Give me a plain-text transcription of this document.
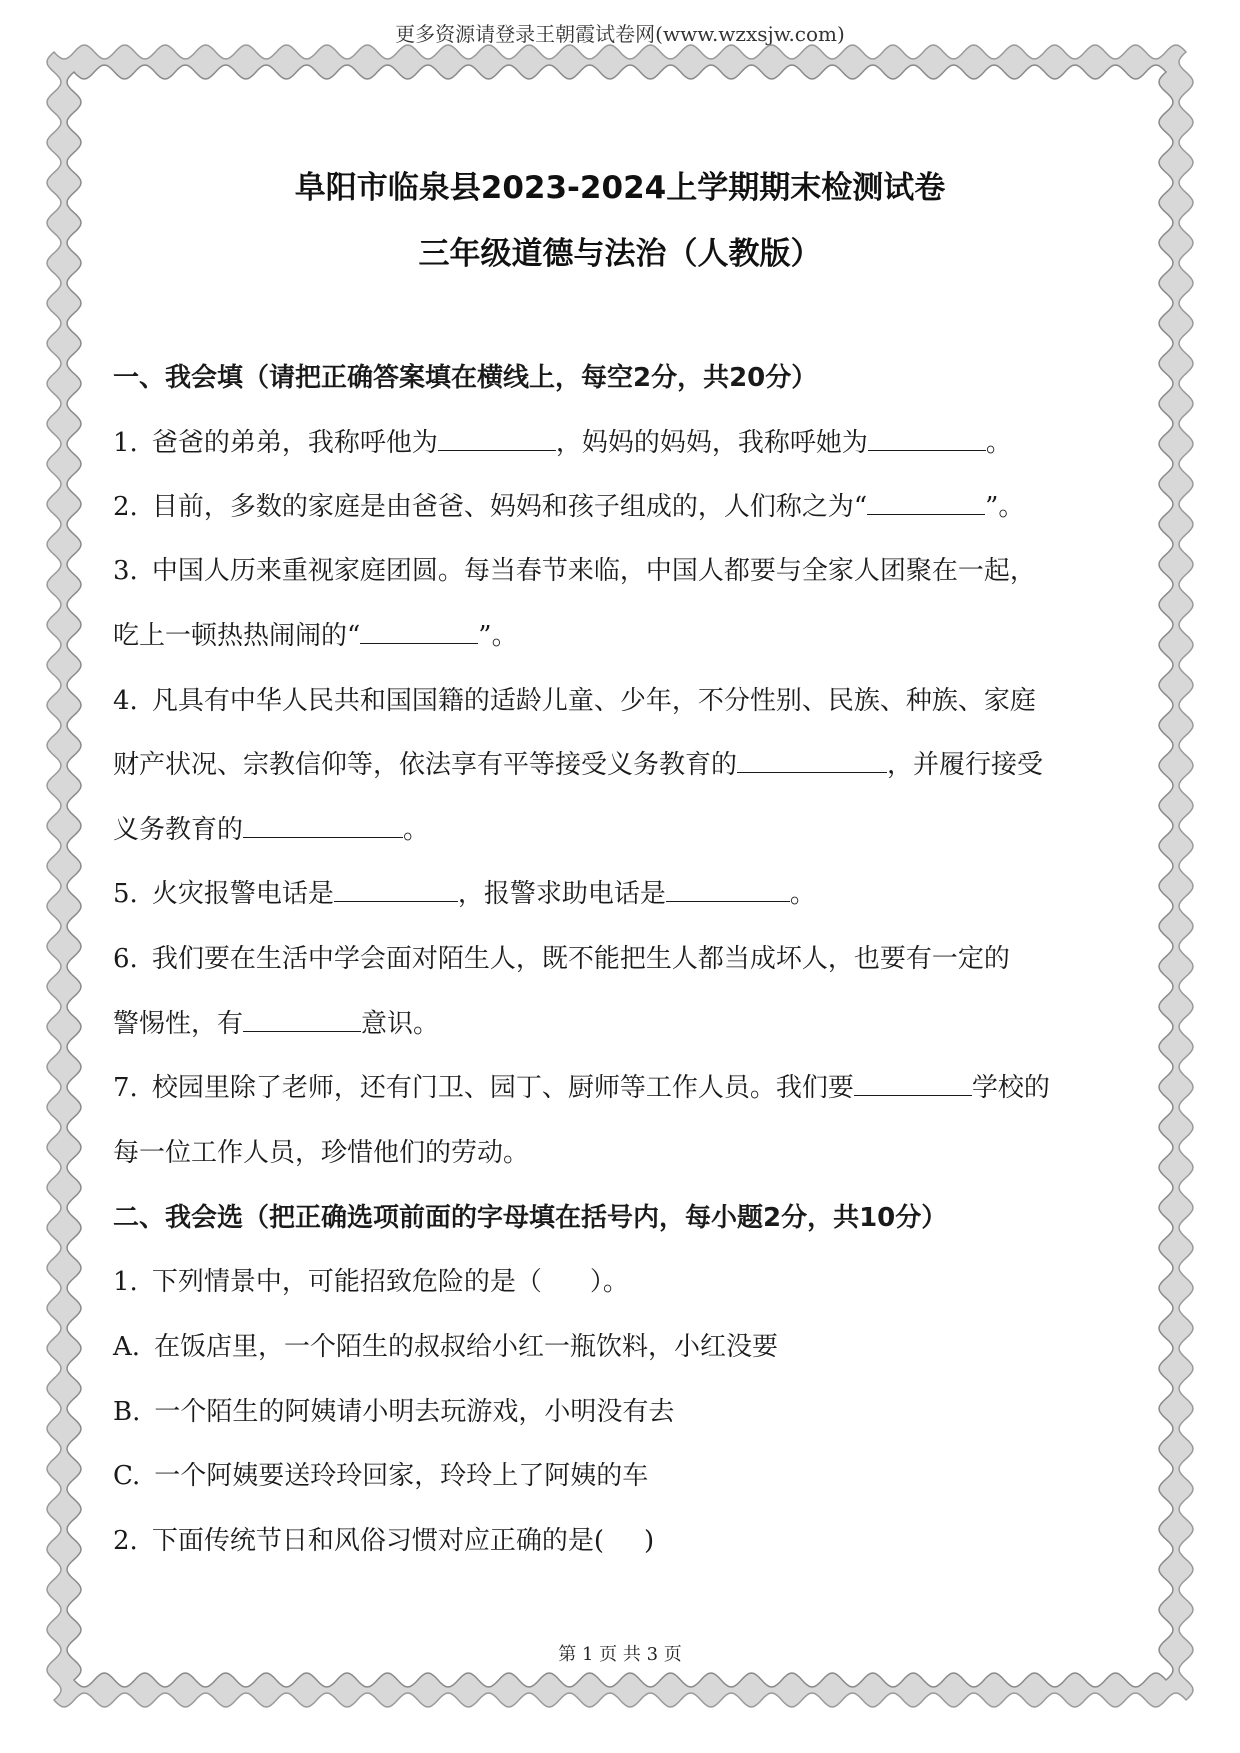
更多资源请登录王朝霞试卷网(www.wzxsjw.com)
阜阳市临泉县2023-2024上学期期末检测试卷
三年级道德与法治（人教版）
一、我会填（请把正确答案填在横线上，每空2分，共20分）
1. 爸爸的弟弟，我称呼他为	，妈妈的妈妈，我称呼她为	。
2. 目前，多数的家庭是由爸爸、妈妈和孩子组成的，人们称之为“	”。
3. 中国人历来重视家庭团圆。每当春节来临，中国人都要与全家人团聚在一起，
吃上一顿热热闹闹的“	”。
4. 凡具有中华人民共和国国籍的适龄儿童、少年，不分性别、民族、种族、家庭
财产状况、宗教信仰等，依法享有平等接受义务教育的	，并履行接受
义务教育的	。
5. 火灾报警电话是	，报警求助电话是	。
6. 我们要在生活中学会面对陌生人，既不能把生人都当成坏人，也要有一定的
警惕性，有	意识。
7. 校园里除了老师，还有门卫、园丁、厨师等工作人员。我们要	学校的
每一位工作人员，珍惜他们的劳动。
二、我会选（把正确选项前面的字母填在括号内，每小题2分，共10分）
1. 下列情景中，可能招致危险的是（ ）。
A. 在饭店里，一个陌生的叔叔给小红一瓶饮料，小红没要
B. 一个陌生的阿姨请小明去玩游戏，小明没有去
C. 一个阿姨要送玲玲回家，玲玲上了阿姨的车
2. 下面传统节日和风俗习惯对应正确的是( )
第 1 页 共 3 页
